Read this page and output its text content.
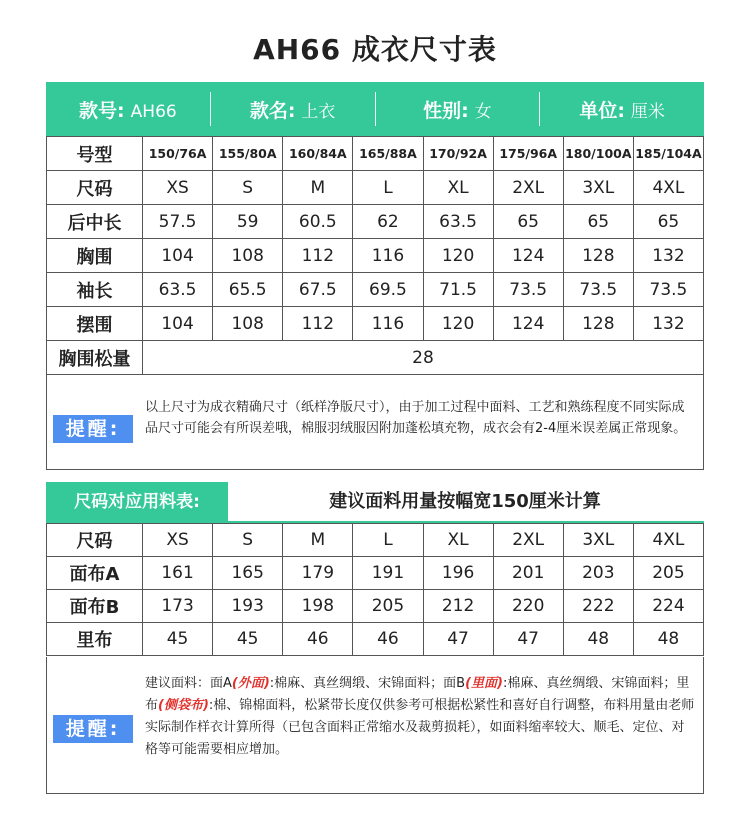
AH66 成衣尺寸表
款号: AH66	款名: 上衣	性别: 女	单位: 厘米
号型	150/76A	155/80A	160/84A	165/88A	170/92A	175/96A	180/100A	185/104A
尺码	XS	S	M	L	XL	2XL	3XL	4XL
后中长	57.5	59	60.5	62	63.5	65	65	65
胸围	104	108	112	116	120	124	128	132
袖长	63.5	65.5	67.5	69.5	71.5	73.5	73.5	73.5
摆围	104	108	112	116	120	124	128	132
胸围松量	28							
提醒:
以上尺寸为成衣精确尺寸（纸样净版尺寸），由于加工过程中面料、工艺和熟练程度不同实际成品尺寸可能会有所误差哦，棉服羽绒服因附加蓬松填充物，成衣会有2-4厘米误差属正常现象。
尺码对应用料表:	建议面料用量按幅宽150厘米计算
尺码	XS	S	M	L	XL	2XL	3XL	4XL
面布A	161	165	179	191	196	201	203	205
面布B	173	193	198	205	212	220	222	224
里布	45	45	46	46	47	47	48	48
提醒:
建议面料：面A(外面):棉麻、真丝绸缎、宋锦面料；面B(里面):棉麻、真丝绸缎、宋锦面料；里布(侧袋布):棉、锦棉面料，松紧带长度仅供参考可根据松紧性和喜好自行调整，布料用量由老师实际制作样衣计算所得（已包含面料正常缩水及裁剪损耗），如面料缩率较大、顺毛、定位、对格等可能需要相应增加。
